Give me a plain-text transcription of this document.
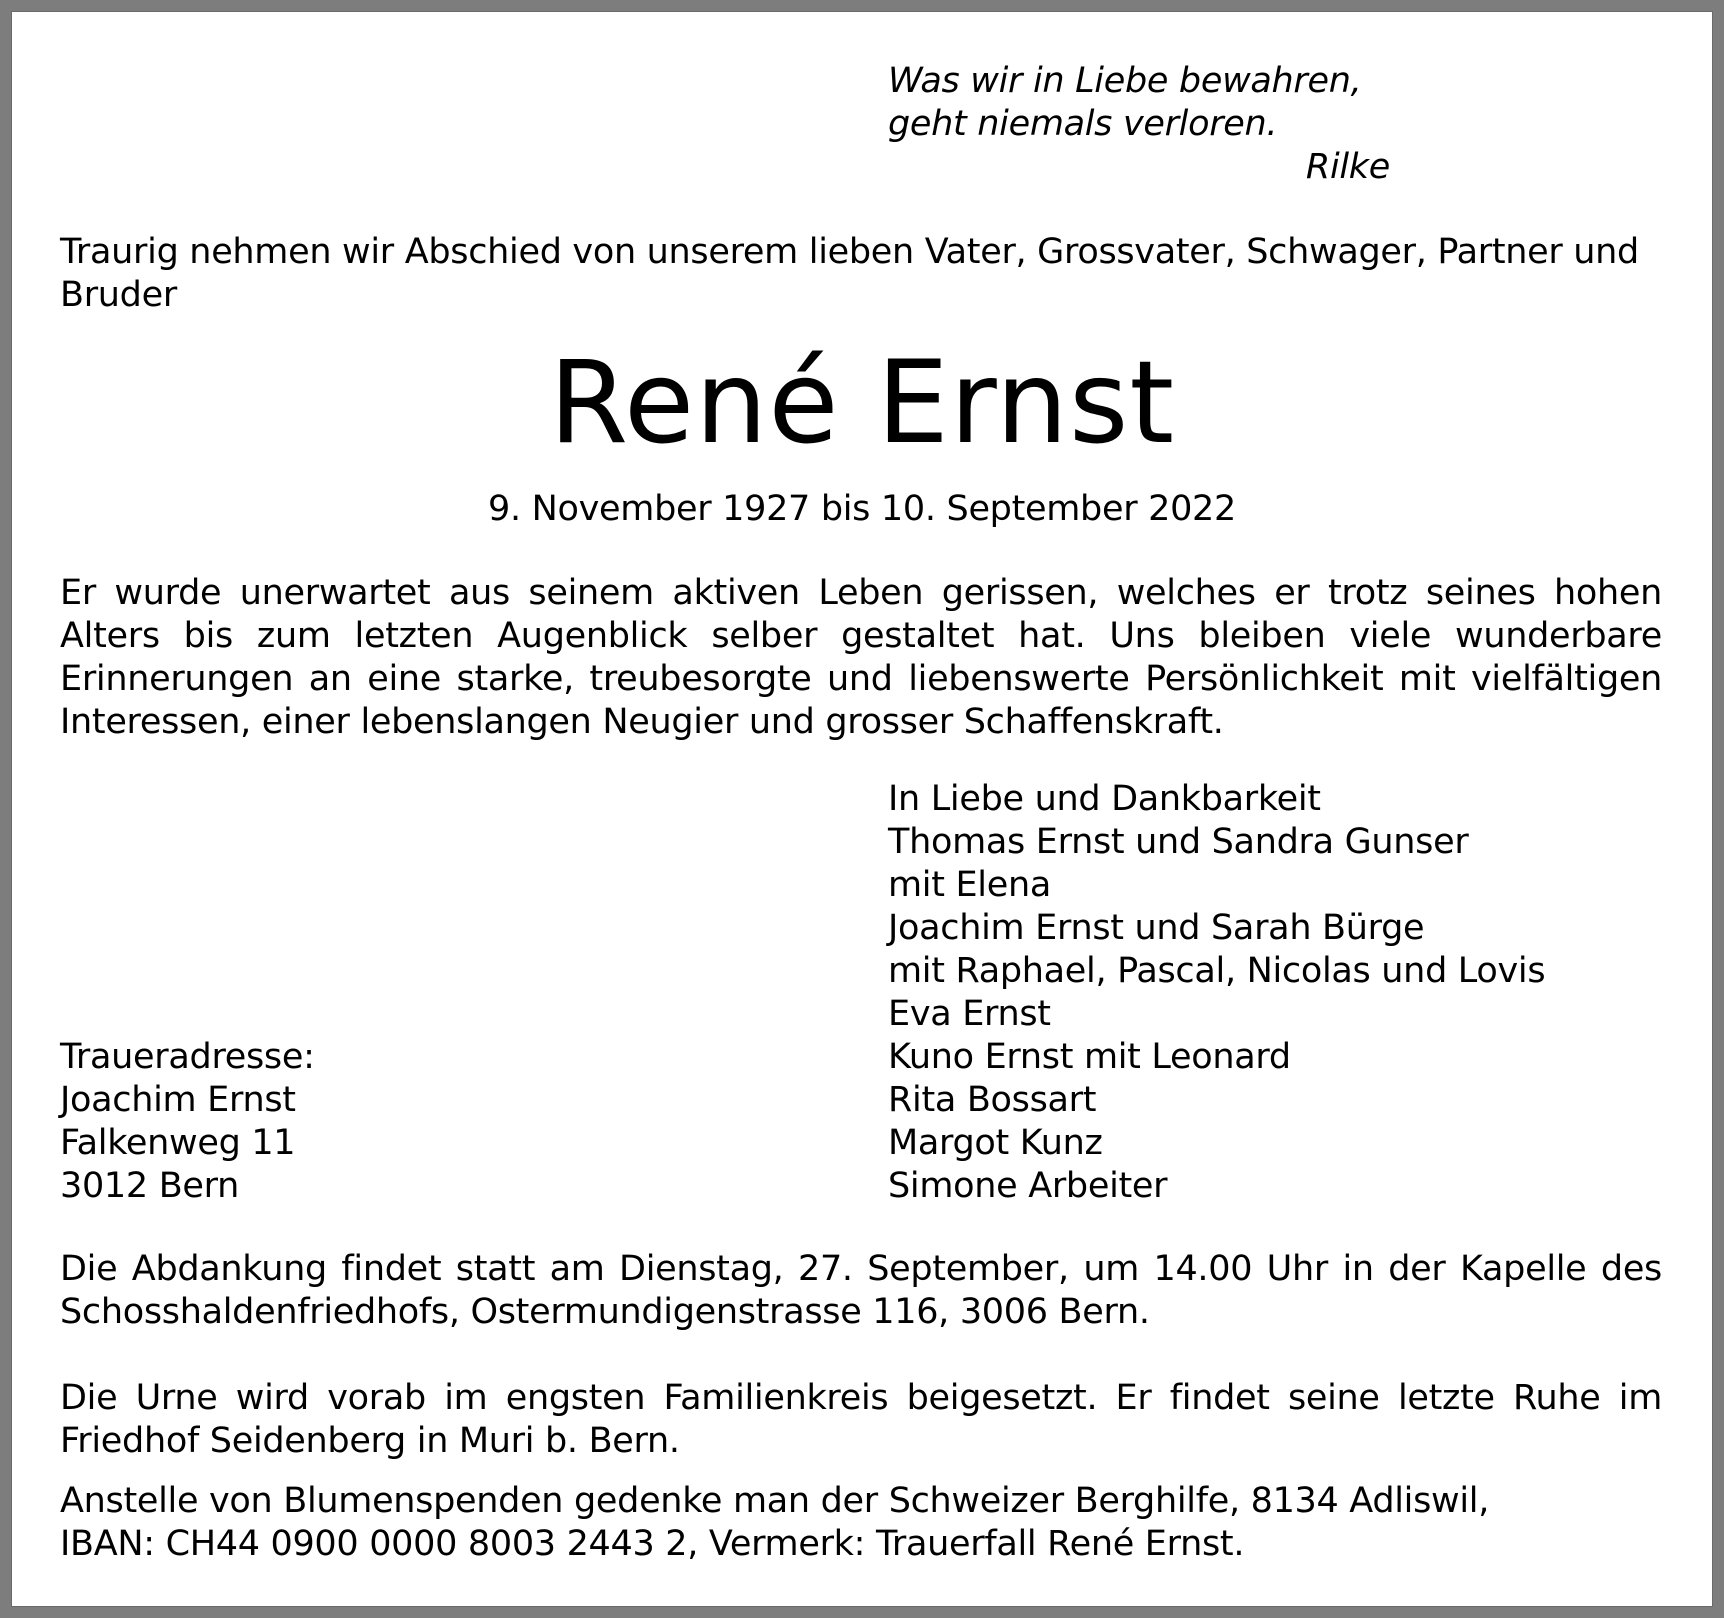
Was wir in Liebe bewahren,
geht niemals verloren.
Rilke
Traurig nehmen wir Abschied von unserem lieben Vater, Grossvater, Schwager, Partner und Bruder
René Ernst
9. November 1927 bis 10. September 2022
Er wurde unerwartet aus seinem aktiven Leben gerissen, welches er trotz seines hohen Alters bis zum letzten Augenblick selber gestaltet hat. Uns bleiben viele wunderbare Erinnerungen an eine starke, treubesorgte und liebenswerte Persönlichkeit mit vielfältigen Interessen, einer lebenslangen Neugier und grosser Schaffenskraft.
In Liebe und Dankbarkeit
Thomas Ernst und Sandra Gunser
mit Elena
Joachim Ernst und Sarah Bürge
mit Raphael, Pascal, Nicolas und Lovis
Eva Ernst
Kuno Ernst mit Leonard
Rita Bossart
Margot Kunz
Simone Arbeiter
Traueradresse:
Joachim Ernst
Falkenweg 11
3012 Bern
Die Abdankung findet statt am Dienstag, 27. September, um 14.00 Uhr in der Kapelle des Schosshaldenfriedhofs, Ostermundigenstrasse 116, 3006 Bern.
Die Urne wird vorab im engsten Familienkreis beigesetzt. Er findet seine letzte Ruhe im Friedhof Seidenberg in Muri b. Bern.
Anstelle von Blumenspenden gedenke man der Schweizer Berghilfe, 8134 Adliswil,
IBAN: CH44 0900 0000 8003 2443 2, Vermerk: Trauerfall René Ernst.
